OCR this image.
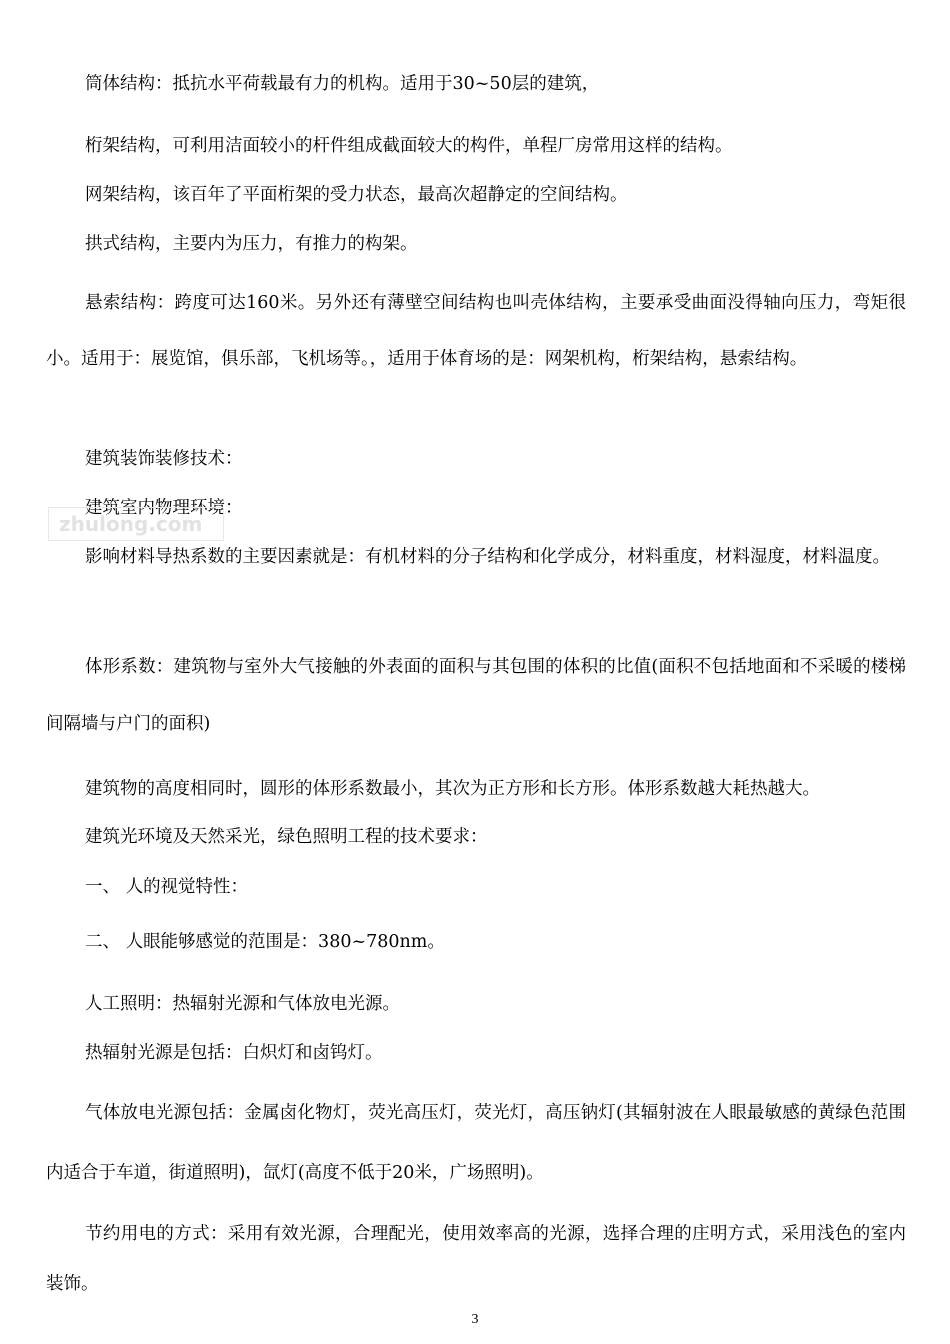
筒体结构：抵抗水平荷载最有力的机构。适用于30~50层的建筑，

桁架结构，可利用洁面较小的杆件组成截面较大的构件，单程厂房常用这样的结构。

网架结构，该百年了平面桁架的受力状态，最高次超静定的空间结构。

拱式结构，主要内为压力，有推力的构架。

悬索结构：跨度可达160米。另外还有薄壁空间结构也叫壳体结构，主要承受曲面没得轴向压力，弯矩很小。适用于：展览馆，俱乐部，飞机场等。，适用于体育场的是：网架机构，桁架结构，悬索结构。

建筑装饰装修技术：

建筑室内物理环境：

zhulong.com

影响材料导热系数的主要因素就是：有机材料的分子结构和化学成分，材料重度，材料湿度，材料温度。

体形系数：建筑物与室外大气接触的外表面的面积与其包围的体积的比值(面积不包括地面和不采暖的楼梯间隔墙与户门的面积)

建筑物的高度相同时，圆形的体形系数最小，其次为正方形和长方形。体形系数越大耗热越大。

建筑光环境及天然采光，绿色照明工程的技术要求：

一、 人的视觉特性：

二、 人眼能够感觉的范围是：380~780nm。

人工照明：热辐射光源和气体放电光源。

热辐射光源是包括：白炽灯和卤钨灯。

气体放电光源包括：金属卤化物灯，荧光高压灯，荧光灯，高压钠灯(其辐射波在人眼最敏感的黄绿色范围内适合于车道，街道照明)，氙灯(高度不低于20米，广场照明)。

节约用电的方式：采用有效光源，合理配光，使用效率高的光源，选择合理的庄明方式，采用浅色的室内装饰。

3
